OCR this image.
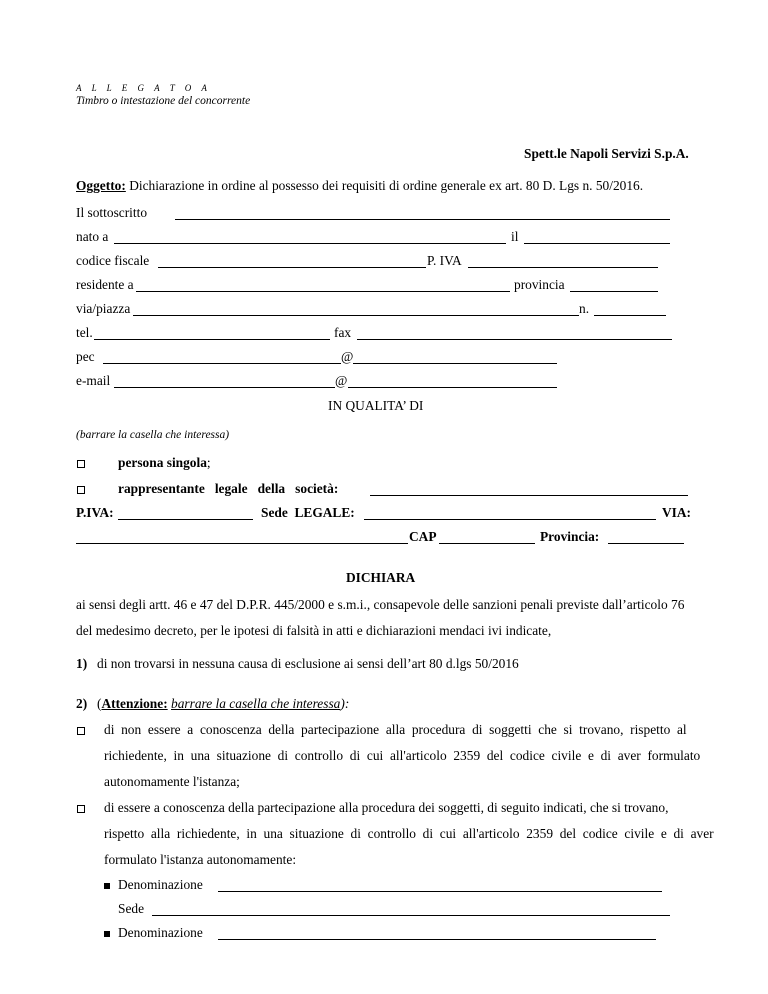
A L L E G A T O A
Timbro o intestazione del concorrente
Spett.le Napoli Servizi S.p.A.
Oggetto: Dichiarazione in ordine al possesso dei requisiti di ordine generale ex art. 80 D. Lgs n. 50/2016.
Il sottoscritto
nato a	il
codice fiscale	P. IVA
residente a	provincia
via/piazza	n.
tel.	fax
pec	@
e-mail	@
IN QUALITA’ DI
(barrare la casella che interessa)
persona singola;
rappresentante   legale   della   società:
P.IVA:	Sede  LEGALE:	VIA:
CAP	Provincia:
DICHIARA
ai sensi degli artt. 46 e 47 del D.P.R. 445/2000 e s.m.i., consapevole delle sanzioni penali previste dall’articolo 76
del medesimo decreto, per le ipotesi di falsità in atti e dichiarazioni mendaci ivi indicate,
1) di non trovarsi in nessuna causa di esclusione ai sensi dell’art 80 d.lgs 50/2016
2) (Attenzione: barrare la casella che interessa):
di  non  essere  a  conoscenza  della  partecipazione  alla  procedura  di  soggetti  che  si  trovano,  rispetto  al
richiedente,  in  una  situazione  di  controllo  di  cui  all'articolo  2359  del  codice  civile  e  di  aver  formulato
autonomamente l'istanza;
di essere a conoscenza della partecipazione alla procedura dei soggetti, di seguito indicati, che si trovano,
rispetto  alla  richiedente,  in  una  situazione  di  controllo  di  cui  all'articolo  2359  del  codice  civile  e  di  aver
formulato l'istanza autonomamente:
Denominazione
Sede
Denominazione
